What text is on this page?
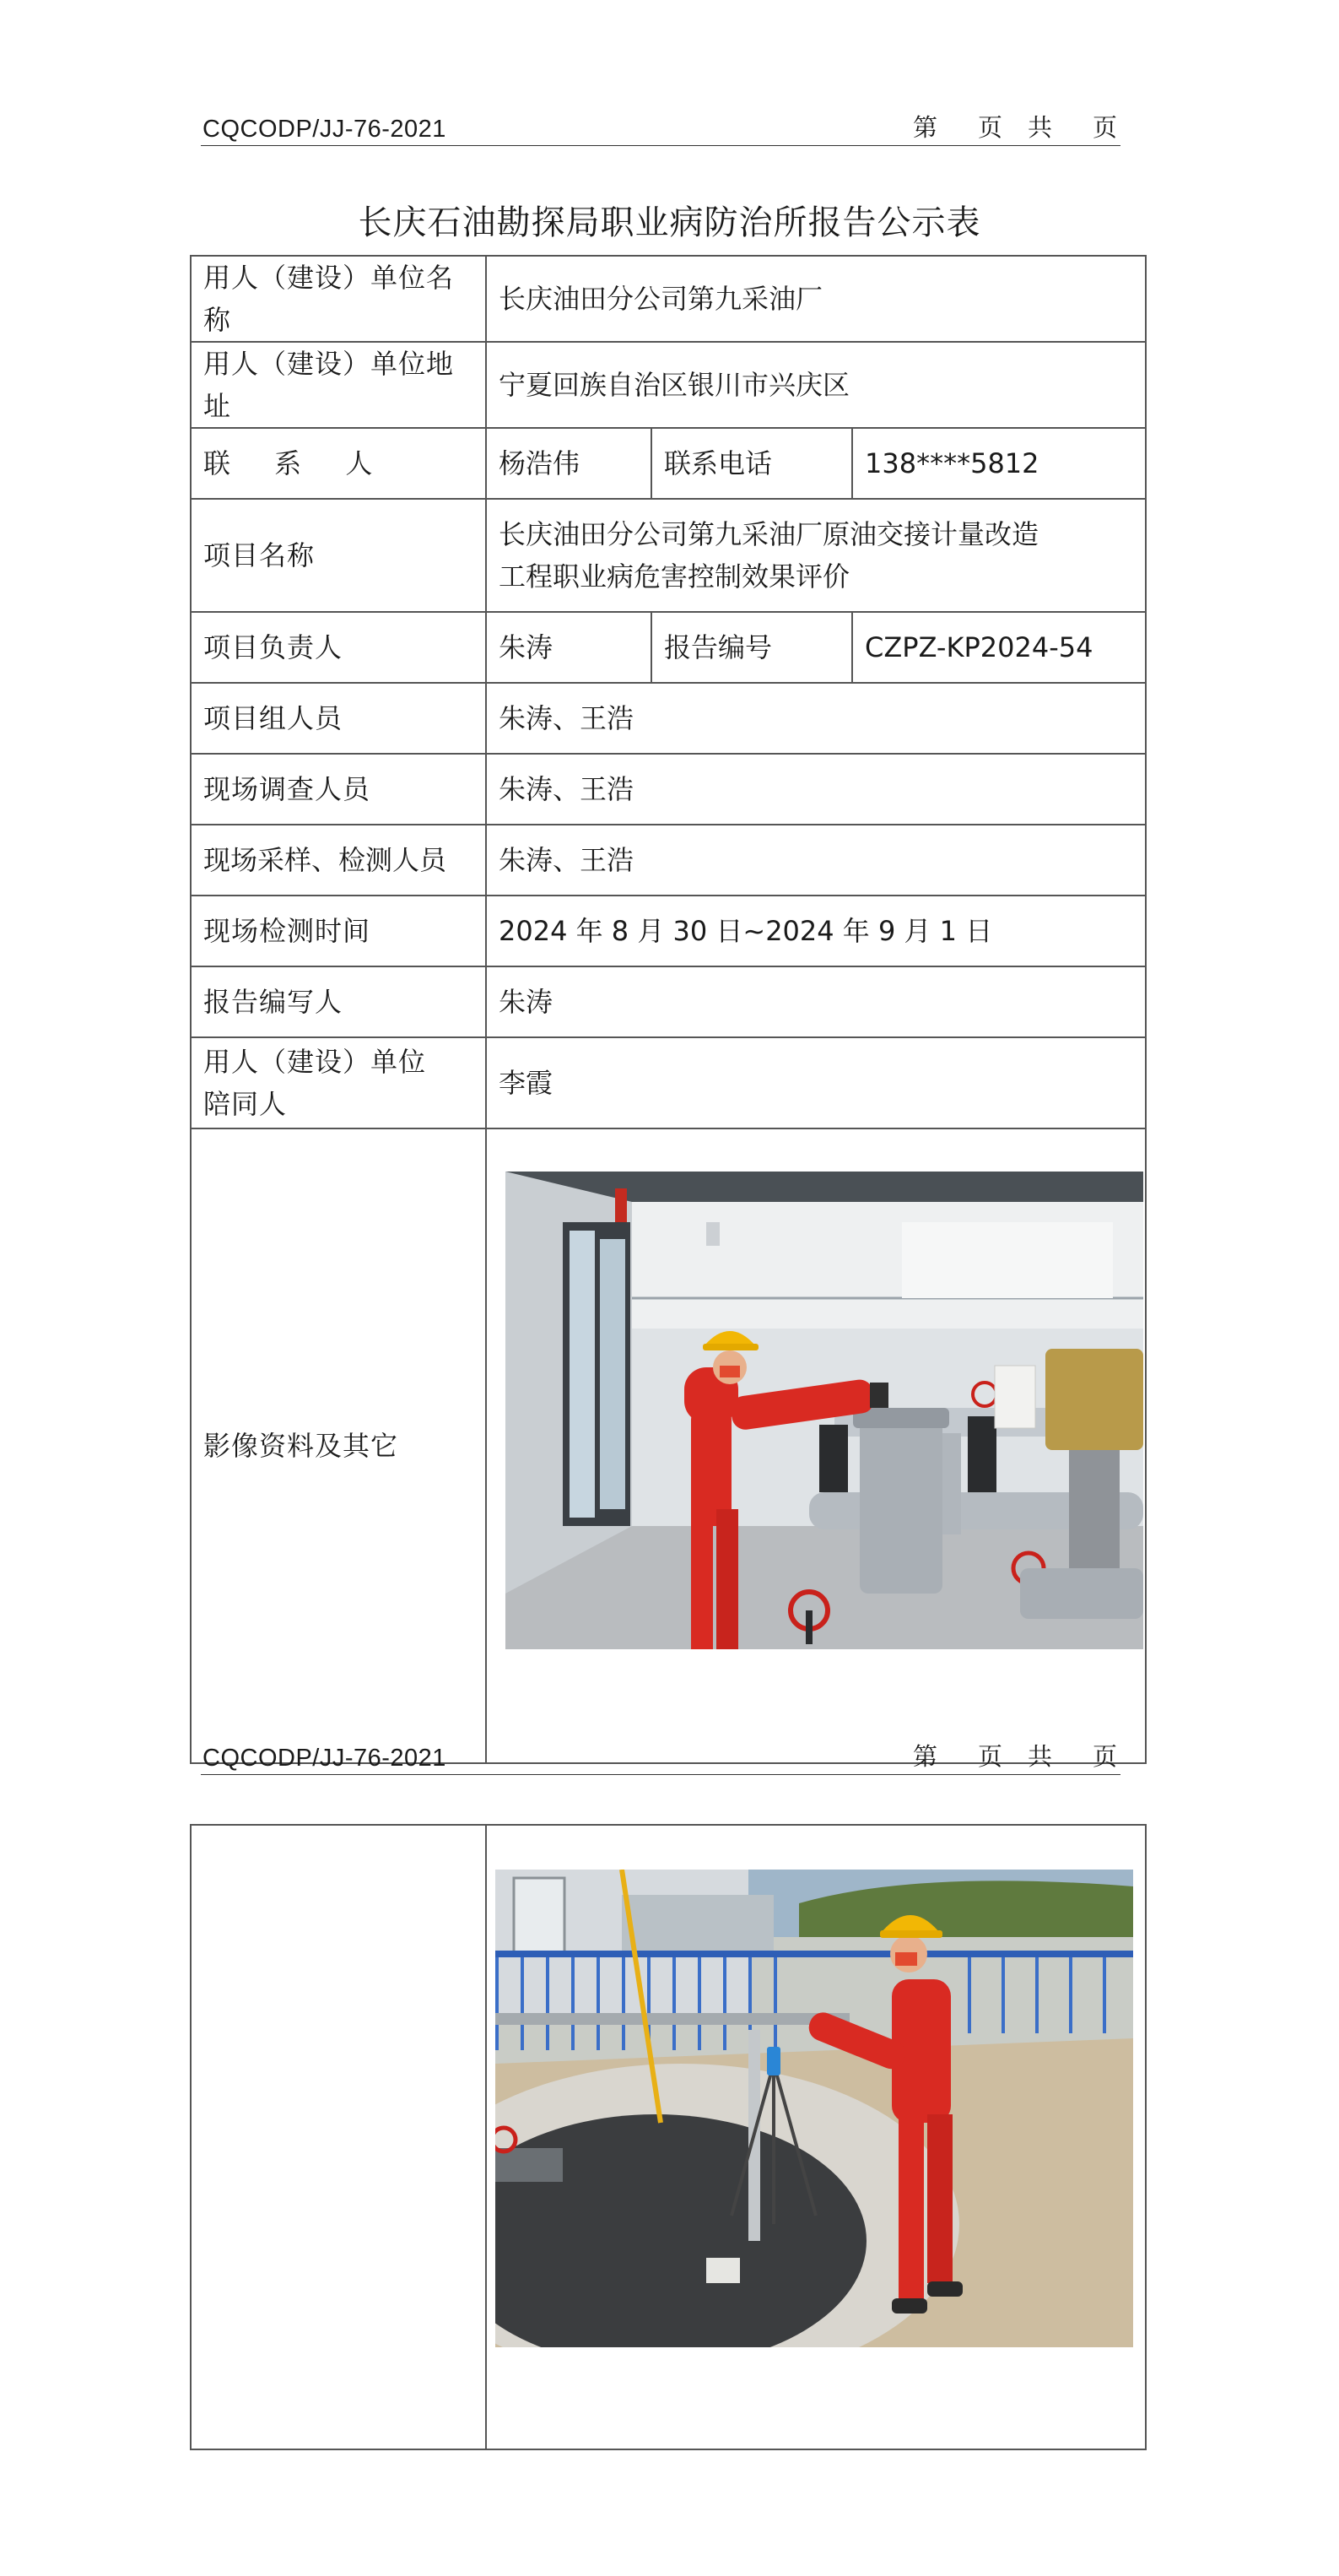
CQCODP/JJ-76-2021	第 页 共 页
长庆石油勘探局职业病防治所报告公示表
用人（建设）单位名称	长庆油田分公司第九采油厂		
用人（建设）单位地址	宁夏回族自治区银川市兴庆区		
联 系 人	杨浩伟	联系电话	138****5812
项目名称	长庆油田分公司第九采油厂原油交接计量改造
工程职业病危害控制效果评价		

项目负责人	朱涛	报告编号	CZPZ-KP2024-54
项目组人员	朱涛、王浩		
现场调查人员	朱涛、王浩		
现场采样、检测人员	朱涛、王浩		
现场检测时间	2024 年 8 月 30 日~2024 年 9 月 1 日		
报告编写人	朱涛		

用人（建设）单位
陪同人	李霞		
影像资料及其它	
CQCODP/JJ-76-2021	第 页 共 页
